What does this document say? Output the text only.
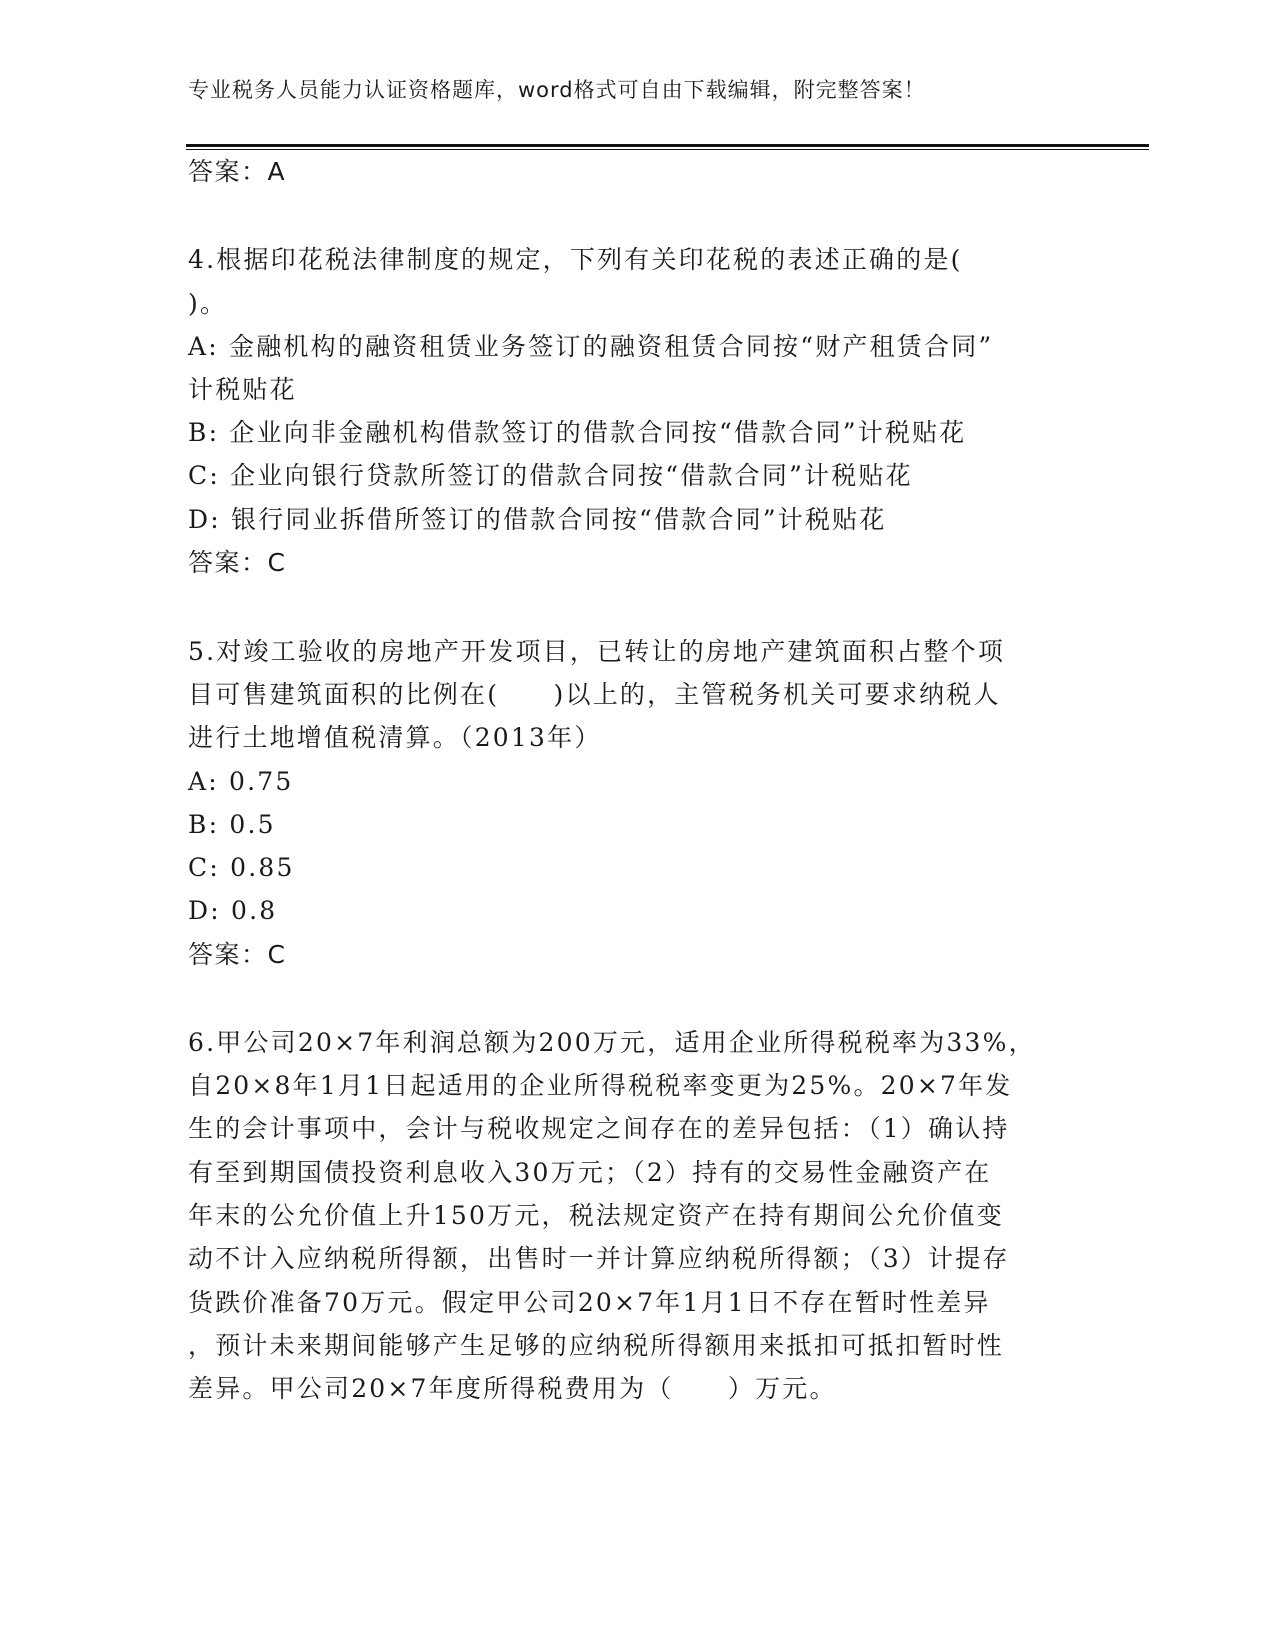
专业税务人员能力认证资格题库，word格式可自由下载编辑，附完整答案！
答案：A
4.根据印花税法律制度的规定，下列有关印花税的表述正确的是(
)。
A: 金融机构的融资租赁业务签订的融资租赁合同按“财产租赁合同”
计税贴花
B: 企业向非金融机构借款签订的借款合同按“借款合同”计税贴花
C: 企业向银行贷款所签订的借款合同按“借款合同”计税贴花
D: 银行同业拆借所签订的借款合同按“借款合同”计税贴花
答案：C
5.对竣工验收的房地产开发项目，已转让的房地产建筑面积占整个项
目可售建筑面积的比例在(　　)以上的，主管税务机关可要求纳税人
进行土地增值税清算。（2013年）
A: 0.75
B: 0.5
C: 0.85
D: 0.8
答案：C
6.甲公司20×7年利润总额为200万元，适用企业所得税税率为33%，
自20×8年1月1日起适用的企业所得税税率变更为25%。20×7年发
生的会计事项中，会计与税收规定之间存在的差异包括：（1）确认持
有至到期国债投资利息收入30万元；（2）持有的交易性金融资产在
年末的公允价值上升150万元，税法规定资产在持有期间公允价值变
动不计入应纳税所得额，出售时一并计算应纳税所得额；（3）计提存
货跌价准备70万元。假定甲公司20×7年1月1日不存在暂时性差异
，预计未来期间能够产生足够的应纳税所得额用来抵扣可抵扣暂时性
差异。甲公司20×7年度所得税费用为（　　）万元。
